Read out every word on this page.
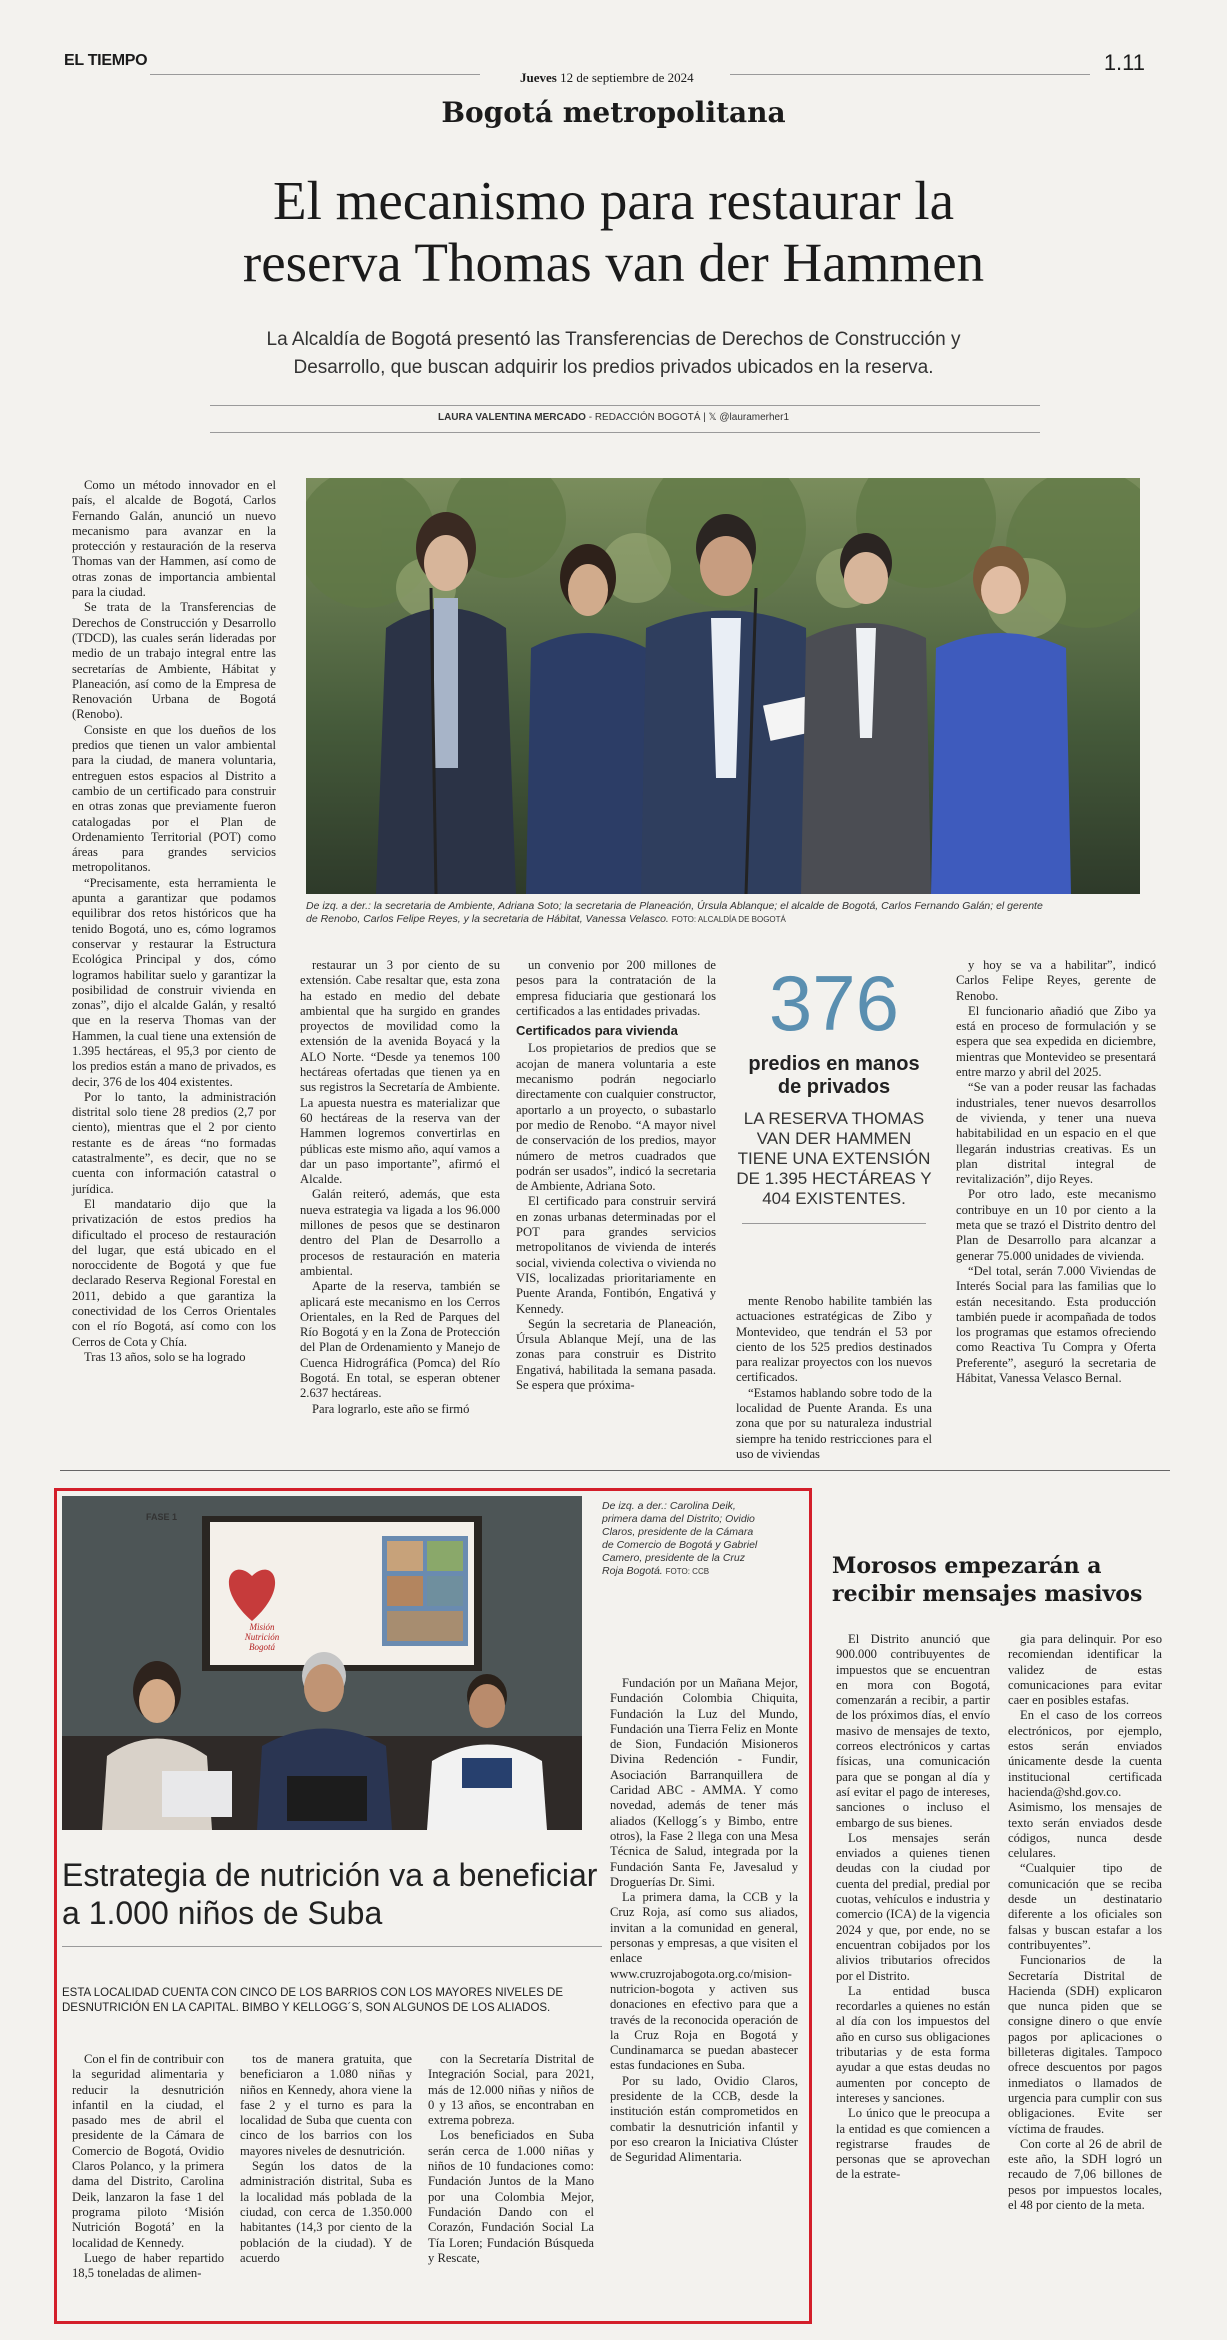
EL TIEMPO
Jueves 12 de septiembre de 2024
1.11
Bogotá metropolitana
El mecanismo para restaurar la
reserva Thomas van der Hammen
La Alcaldía de Bogotá presentó las Transferencias de Derechos de Construcción y
Desarrollo, que buscan adquirir los predios privados ubicados en la reserva.
LAURA VALENTINA MERCADO - REDACCIÓN BOGOTÁ | 𝕏 @lauramerher1
De izq. a der.: la secretaria de Ambiente, Adriana Soto; la secretaria de Planeación, Úrsula Ablanque; el alcalde de Bogotá, Carlos Fernando Galán; el gerente de Renobo, Carlos Felipe Reyes, y la secretaria de Hábitat, Vanessa Velasco. FOTO: ALCALDÍA DE BOGOTÁ

Como un método innovador en el país, el alcalde de Bogotá, Carlos Fernando Galán, anunció un nuevo mecanismo para avanzar en la protección y restauración de la reserva Thomas van der Hammen, así como de otras zonas de importancia ambiental para la ciudad.

Se trata de la Transferencias de Derechos de Construcción y Desarrollo (TDCD), las cuales serán lideradas por medio de un trabajo integral entre las secretarías de Ambiente, Hábitat y Planeación, así como de la Empresa de Renovación Urbana de Bogotá (Renobo).

Consiste en que los dueños de los predios que tienen un valor ambiental para la ciudad, de manera voluntaria, entreguen estos espacios al Distrito a cambio de un certificado para construir en otras zonas que previamente fueron catalogadas por el Plan de Ordenamiento Territorial (POT) como áreas para grandes servicios metropolitanos.

“Precisamente, esta herramienta le apunta a garantizar que podamos equilibrar dos retos históricos que ha tenido Bogotá, uno es, cómo logramos conservar y restaurar la Estructura Ecológica Principal y dos, cómo logramos habilitar suelo y garantizar la posibilidad de construir vivienda en zonas”, dijo el alcalde Galán, y resaltó que en la reserva Thomas van der Hammen, la cual tiene una extensión de 1.395 hectáreas, el 95,3 por ciento de los predios están a mano de privados, es decir, 376 de los 404 existentes.

Por lo tanto, la administración distrital solo tiene 28 predios (2,7 por ciento), mientras que el 2 por ciento restante es de áreas “no formadas catastralmente”, es decir, que no se cuenta con información catastral o jurídica.

El mandatario dijo que la privatización de estos predios ha dificultado el proceso de restauración del lugar, que está ubicado en el noroccidente de Bogotá y que fue declarado Reserva Regional Forestal en 2011, debido a que garantiza la conectividad de los Cerros Orientales con el río Bogotá, así como con los Cerros de Cota y Chía.

Tras 13 años, solo se ha logrado

restaurar un 3 por ciento de su extensión. Cabe resaltar que, esta zona ha estado en medio del debate ambiental que ha surgido en grandes proyectos de movilidad como la extensión de la avenida Boyacá y la ALO Norte. “Desde ya tenemos 100 hectáreas ofertadas que tienen ya en sus registros la Secretaría de Ambiente. La apuesta nuestra es materializar que 60 hectáreas de la reserva van der Hammen logremos convertirlas en públicas este mismo año, aquí vamos a dar un paso importante”, afirmó el Alcalde.

Galán reiteró, además, que esta nueva estrategia va ligada a los 96.000 millones de pesos que se destinaron dentro del Plan de Desarrollo a procesos de restauración en materia ambiental.

Aparte de la reserva, también se aplicará este mecanismo en los Cerros Orientales, en la Red de Parques del Río Bogotá y en la Zona de Protección del Plan de Ordenamiento y Manejo de Cuenca Hidrográfica (Pomca) del Río Bogotá. En total, se esperan obtener 2.637 hectáreas.

Para lograrlo, este año se firmó

un convenio por 200 millones de pesos para la contratación de la empresa fiduciaria que gestionará los certificados a las entidades privadas.

Certificados para vivienda

Los propietarios de predios que se acojan de manera voluntaria a este mecanismo podrán negociarlo directamente con cualquier constructor, aportarlo a un proyecto, o subastarlo por medio de Renobo. “A mayor nivel de conservación de los predios, mayor número de metros cuadrados que podrán ser usados”, indicó la secretaria de Ambiente, Adriana Soto.

El certificado para construir servirá en zonas urbanas determinadas por el POT para grandes servicios metropolitanos de vivienda de interés social, vivienda colectiva o vivienda no VIS, localizadas prioritariamente en Puente Aranda, Fontibón, Engativá y Kennedy.

Según la secretaria de Planeación, Úrsula Ablanque Mejí, una de las zonas para construir es Distrito Engativá, habilitada la semana pasada. Se espera que próxima-

376
predios en manos de privados
LA RESERVA THOMAS VAN DER HAMMEN TIENE UNA EXTENSIÓN DE 1.395 HECTÁREAS Y 404 EXISTENTES.

mente Renobo habilite también las actuaciones estratégicas de Zibo y Montevideo, que tendrán el 53 por ciento de los 525 predios destinados para realizar proyectos con los nuevos certificados.

“Estamos hablando sobre todo de la localidad de Puente Aranda. Es una zona que por su naturaleza industrial siempre ha tenido restricciones para el uso de viviendas

y hoy se va a habilitar”, indicó Carlos Felipe Reyes, gerente de Renobo.

El funcionario añadió que Zibo ya está en proceso de formulación y se espera que sea expedida en diciembre, mientras que Montevideo se presentará entre marzo y abril del 2025.

“Se van a poder reusar las fachadas industriales, tener nuevos desarrollos de vivienda, y tener una nueva habitabilidad en un espacio en el que llegarán industrias creativas. Es un plan distrital integral de revitalización”, dijo Reyes.

Por otro lado, este mecanismo contribuye en un 10 por ciento a la meta que se trazó el Distrito dentro del Plan de Desarrollo para alcanzar a generar 75.000 unidades de vivienda.

“Del total, serán 7.000 Viviendas de Interés Social para las familias que lo están necesitando. Esta producción también puede ir acompañada de todos los programas que estamos ofreciendo como Reactiva Tu Compra y Oferta Preferente”, aseguró la secretaria de Hábitat, Vanessa Velasco Bernal.

FASE 1
Misión
Nutrición
Bogotá
De izq. a der.: Carolina Deik, primera dama del Distrito; Ovidio Claros, presidente de la Cámara de Comercio de Bogotá y Gabriel Camero, presidente de la Cruz Roja Bogotá. FOTO: CCB
Estrategia de nutrición va a beneficiar a 1.000 niños de Suba
ESTA LOCALIDAD CUENTA CON CINCO DE LOS BARRIOS CON LOS MAYORES NIVELES DE DESNUTRICIÓN EN LA CAPITAL. BIMBO Y KELLOGG´S, SON ALGUNOS DE LOS ALIADOS.

Con el fin de contribuir con la seguridad alimentaria y reducir la desnutrición infantil en la ciudad, el pasado mes de abril el presidente de la Cámara de Comercio de Bogotá, Ovidio Claros Polanco, y la primera dama del Distrito, Carolina Deik, lanzaron la fase 1 del programa piloto ‘Misión Nutrición Bogotá’ en la localidad de Kennedy.

Luego de haber repartido 18,5 toneladas de alimen-

tos de manera gratuita, que beneficiaron a 1.080 niñas y niños en Kennedy, ahora viene la fase 2 y el turno es para la localidad de Suba que cuenta con cinco de los barrios con los mayores niveles de desnutrición.

Según los datos de la administración distrital, Suba es la localidad más poblada de la ciudad, con cerca de 1.350.000 habitantes (14,3 por ciento de la población de la ciudad). Y de acuerdo

con la Secretaría Distrital de Integración Social, para 2021, más de 12.000 niñas y niños de 0 y 13 años, se encontraban en extrema pobreza.

Los beneficiados en Suba serán cerca de 1.000 niñas y niños de 10 fundaciones como: Fundación Juntos de la Mano por una Colombia Mejor, Fundación Dando con el Corazón, Fundación Social La Tía Loren; Fundación Búsqueda y Rescate,

Fundación por un Mañana Mejor, Fundación Colombia Chiquita, Fundación la Luz del Mundo, Fundación una Tierra Feliz en Monte de Sion, Fundación Misioneros Divina Redención - Fundir, Asociación Barranquillera de Caridad ABC - AMMA. Y como novedad, además de tener más aliados (Kellogg´s y Bimbo, entre otros), la Fase 2 llega con una Mesa Técnica de Salud, integrada por la Fundación Santa Fe, Javesalud y Droguerías Dr. Simi.

La primera dama, la CCB y la Cruz Roja, así como sus aliados, invitan a la comunidad en general, personas y empresas, a que visiten el enlace www.cruzrojabogota.org.co/mision-nutricion-bogota y activen sus donaciones en efectivo para que a través de la reconocida operación de la Cruz Roja en Bogotá y Cundinamarca se puedan abastecer estas fundaciones en Suba.

Por su lado, Ovidio Claros, presidente de la CCB, desde la institución están comprometidos en combatir la desnutrición infantil y por eso crearon la Iniciativa Clúster de Seguridad Alimentaria.

Morosos empezarán a recibir mensajes masivos

El Distrito anunció que 900.000 contribuyentes de impuestos que se encuentran en mora con Bogotá, comenzarán a recibir, a partir de los próximos días, el envío masivo de mensajes de texto, correos electrónicos y cartas físicas, una comunicación para que se pongan al día y así evitar el pago de intereses, sanciones o incluso el embargo de sus bienes.

Los mensajes serán enviados a quienes tienen deudas con la ciudad por cuenta del predial, predial por cuotas, vehículos e industria y comercio (ICA) de la vigencia 2024 y que, por ende, no se encuentran cobijados por los alivios tributarios ofrecidos por el Distrito.

La entidad busca recordarles a quienes no están al día con los impuestos del año en curso sus obligaciones tributarias y de esta forma ayudar a que estas deudas no aumenten por concepto de intereses y sanciones.

Lo único que le preocupa a la entidad es que comiencen a registrarse fraudes de personas que se aprovechan de la estrate-

gia para delinquir. Por eso recomiendan identificar la validez de estas comunicaciones para evitar caer en posibles estafas.

En el caso de los correos electrónicos, por ejemplo, estos serán enviados únicamente desde la cuenta institucional certificada hacienda@shd.gov.co. Asimismo, los mensajes de texto serán enviados desde códigos, nunca desde celulares.

“Cualquier tipo de comunicación que se reciba desde un destinatario diferente a los oficiales son falsas y buscan estafar a los contribuyentes”.

Funcionarios de la Secretaría Distrital de Hacienda (SDH) explicaron que nunca piden que se consigne dinero o que envíe pagos por aplicaciones o billeteras digitales. Tampoco ofrece descuentos por pagos inmediatos o llamados de urgencia para cumplir con sus obligaciones. Evite ser víctima de fraudes.

Con corte al 26 de abril de este año, la SDH logró un recaudo de 7,06 billones de pesos por impuestos locales, el 48 por ciento de la meta.
